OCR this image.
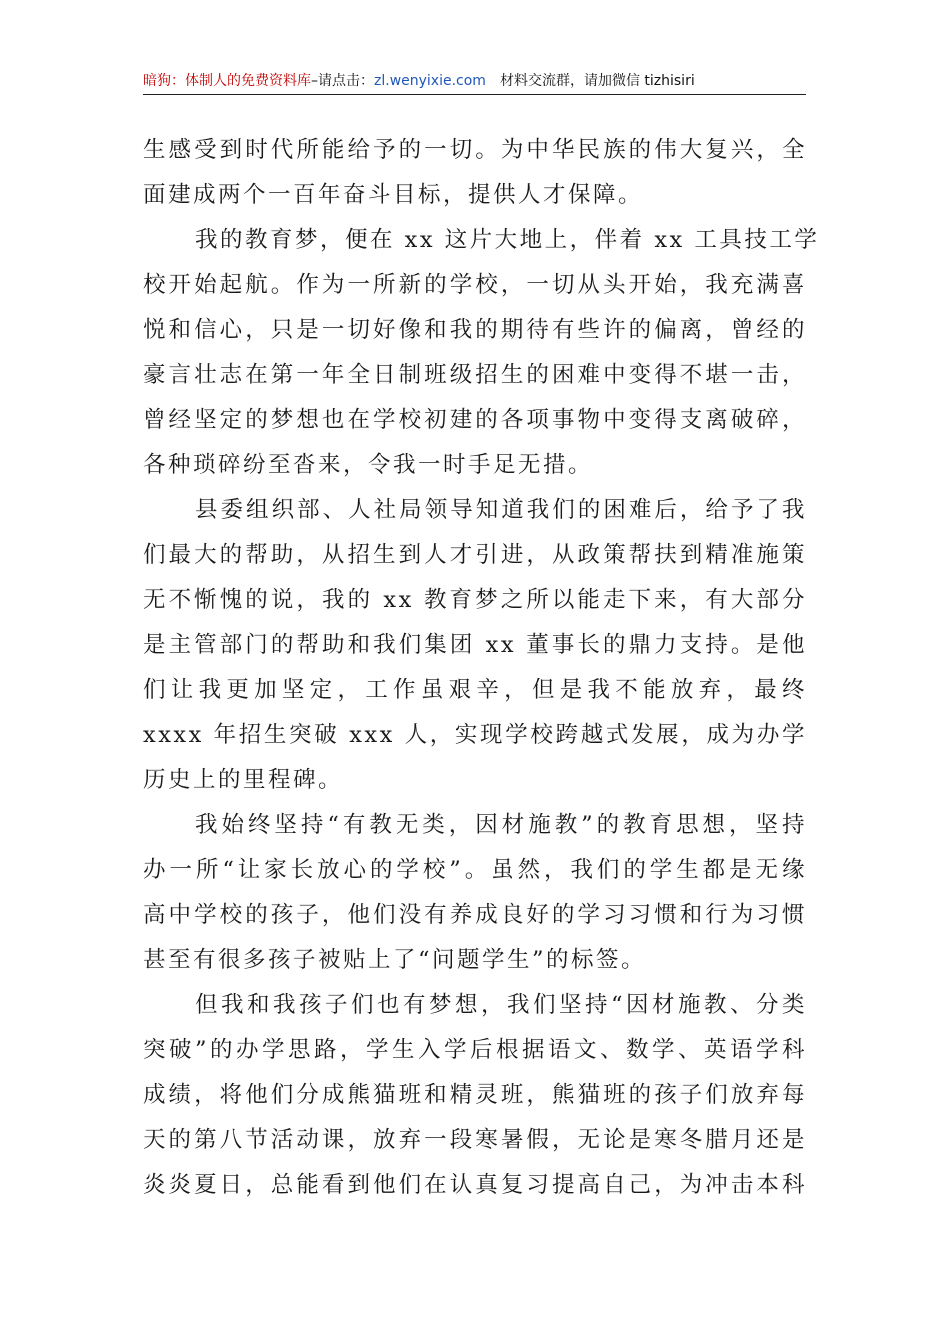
暗狗：体制人的免费资料库–请点击：zl.wenyixie.com 材料交流群，请加微信 tizhisiri
生感受到时代所能给予的一切。为中华民族的伟大复兴，全
面建成两个一百年奋斗目标，提供人才保障。
我的教育梦，便在 xx 这片大地上，伴着 xx 工具技工学
校开始起航。作为一所新的学校，一切从头开始，我充满喜
悦和信心，只是一切好像和我的期待有些许的偏离，曾经的
豪言壮志在第一年全日制班级招生的困难中变得不堪一击，
曾经坚定的梦想也在学校初建的各项事物中变得支离破碎，
各种琐碎纷至沓来，令我一时手足无措。
县委组织部、人社局领导知道我们的困难后，给予了我
们最大的帮助，从招生到人才引进，从政策帮扶到精准施策
无不惭愧的说，我的 xx 教育梦之所以能走下来，有大部分
是主管部门的帮助和我们集团 xx 董事长的鼎力支持。是他
们让我更加坚定，工作虽艰辛，但是我不能放弃，最终
xxxx 年招生突破 xxx 人，实现学校跨越式发展，成为办学
历史上的里程碑。
我始终坚持“有教无类，因材施教”的教育思想，坚持
办一所“让家长放心的学校”。虽然，我们的学生都是无缘
高中学校的孩子，他们没有养成良好的学习习惯和行为习惯
甚至有很多孩子被贴上了“问题学生”的标签。
但我和我孩子们也有梦想，我们坚持“因材施教、分类
突破”的办学思路，学生入学后根据语文、数学、英语学科
成绩，将他们分成熊猫班和精灵班，熊猫班的孩子们放弃每
天的第八节活动课，放弃一段寒暑假，无论是寒冬腊月还是
炎炎夏日，总能看到他们在认真复习提高自己，为冲击本科
